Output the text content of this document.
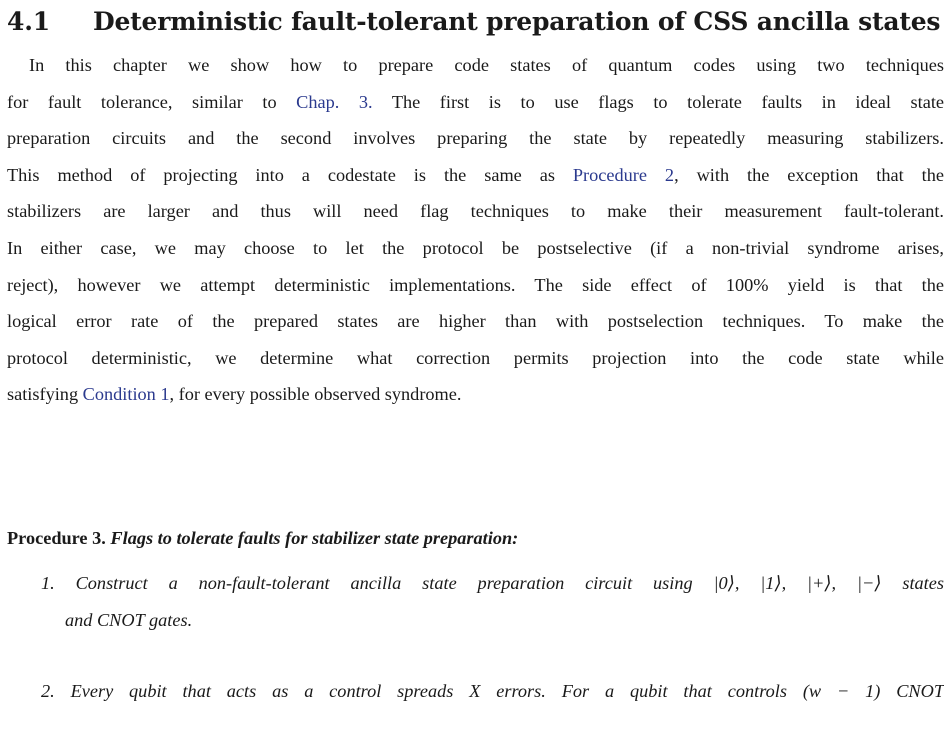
4.1 Deterministic fault-tolerant preparation of CSS ancilla states

In this chapter we show how to prepare code states of quantum codes using two techniques
for fault tolerance, similar to Chap. 3. The first is to use flags to tolerate faults in ideal state
preparation circuits and the second involves preparing the state by repeatedly measuring stabilizers.
This method of projecting into a codestate is the same as Procedure 2, with the exception that the
stabilizers are larger and thus will need flag techniques to make their measurement fault-tolerant.
In either case, we may choose to let the protocol be postselective (if a non-trivial syndrome arises,
reject), however we attempt deterministic implementations. The side effect of 100% yield is that the
logical error rate of the prepared states are higher than with postselection techniques. To make the
protocol deterministic, we determine what correction permits projection into the code state while
satisfying Condition 1, for every possible observed syndrome.

Procedure 3. Flags to tolerate faults for stabilizer state preparation:

1. Construct a non-fault-tolerant ancilla state preparation circuit using |0⟩, |1⟩, |+⟩, |−⟩ states
and CNOT gates.
2. Every qubit that acts as a control spreads X errors. For a qubit that controls (w − 1) CNOT
